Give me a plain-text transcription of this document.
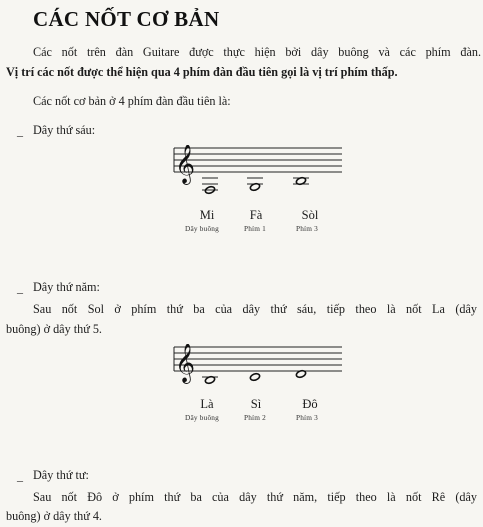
CÁC NỐT CƠ BẢN
Các nốt trên đàn Guitare được thực hiện bởi dây buông và các phím đàn.
Vị trí các nốt được thể hiện qua 4 phím đàn đầu tiên gọi là vị trí phím thấp.
Các nốt cơ bản ở 4 phím đàn đầu tiên là:
_ Dây thứ sáu:
𝄞
Mi	Fà	Sòl
Dây buông	Phím 1	Phím 3
_ Dây thứ năm:
Sau nốt Sol ở phím thứ ba của dây thứ sáu, tiếp theo là nốt La (dây
buông) ở dây thứ 5.
𝄞
Là	Sì	Đô
Dây buông	Phím 2	Phím 3
_ Dây thứ tư:
Sau nốt Đô ở phím thứ ba của dây thứ năm, tiếp theo là nốt Rê (dây
buông) ở dây thứ 4.
